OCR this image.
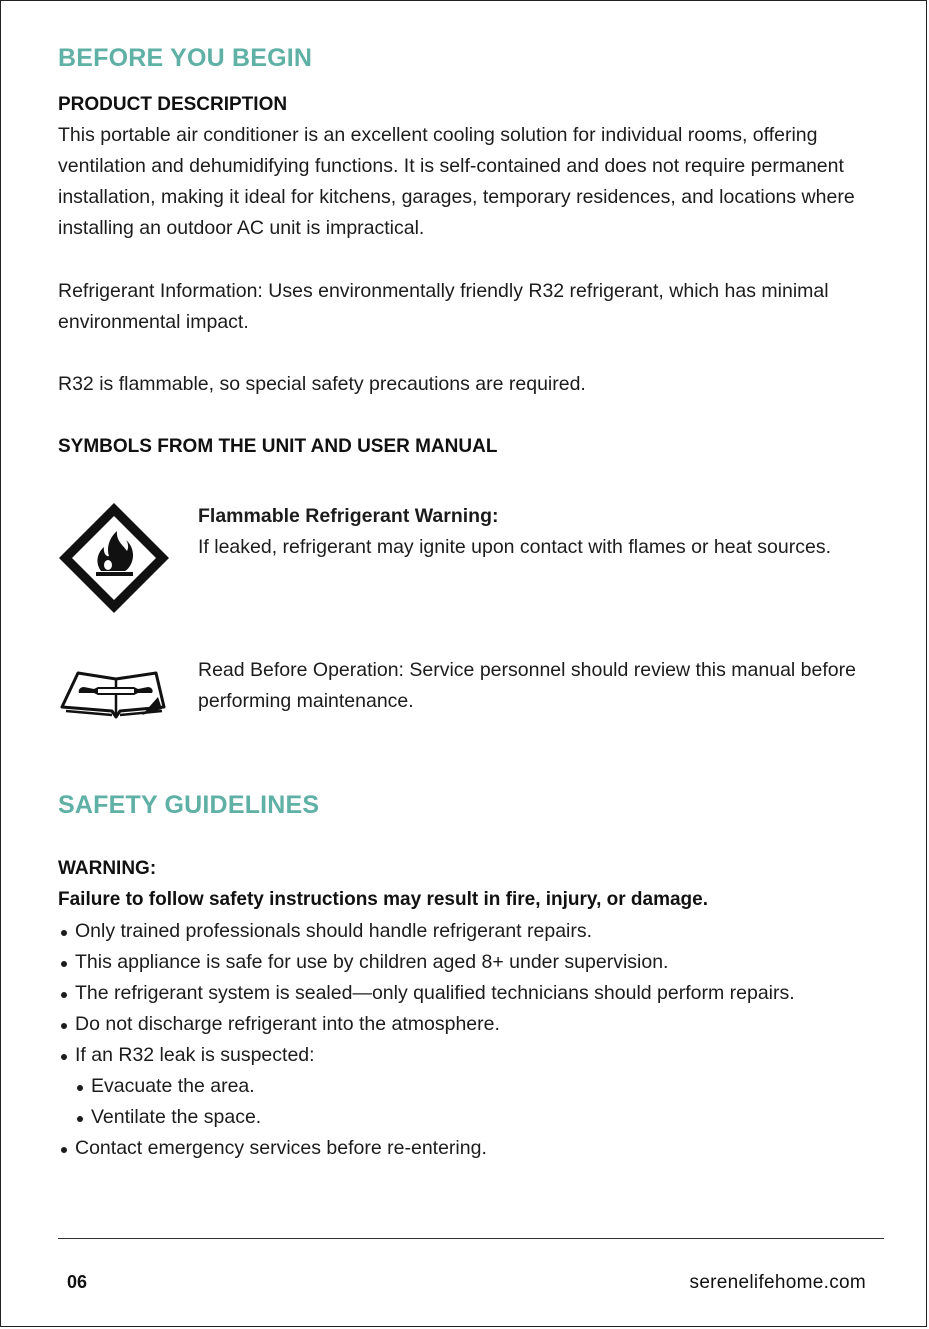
BEFORE YOU BEGIN
PRODUCT DESCRIPTION

This portable air conditioner is an excellent cooling solution for individual rooms, offering ventilation and dehumidifying functions. It is self-contained and does not require permanent installation, making it ideal for kitchens, garages, temporary residences, and locations where installing an outdoor AC unit is impractical.

Refrigerant Information: Uses environmentally friendly R32 refrigerant, which has minimal environmental impact.

R32 is flammable, so special safety precautions are required.

SYMBOLS FROM THE UNIT AND USER MANUAL

Flammable Refrigerant Warning:
If leaked, refrigerant may ignite upon contact with flames or heat sources.

Read Before Operation: Service personnel should review this manual before performing maintenance.

SAFETY GUIDELINES
WARNING:
Failure to follow safety instructions may result in fire, injury, or damage.
Only trained professionals should handle refrigerant repairs.
This appliance is safe for use by children aged 8+ under supervision.
The refrigerant system is sealed—only qualified technicians should perform repairs.
Do not discharge refrigerant into the atmosphere.
If an R32 leak is suspected:
Evacuate the area.
Ventilate the space.
Contact emergency services before re-entering.
06	serenelifehome.com
